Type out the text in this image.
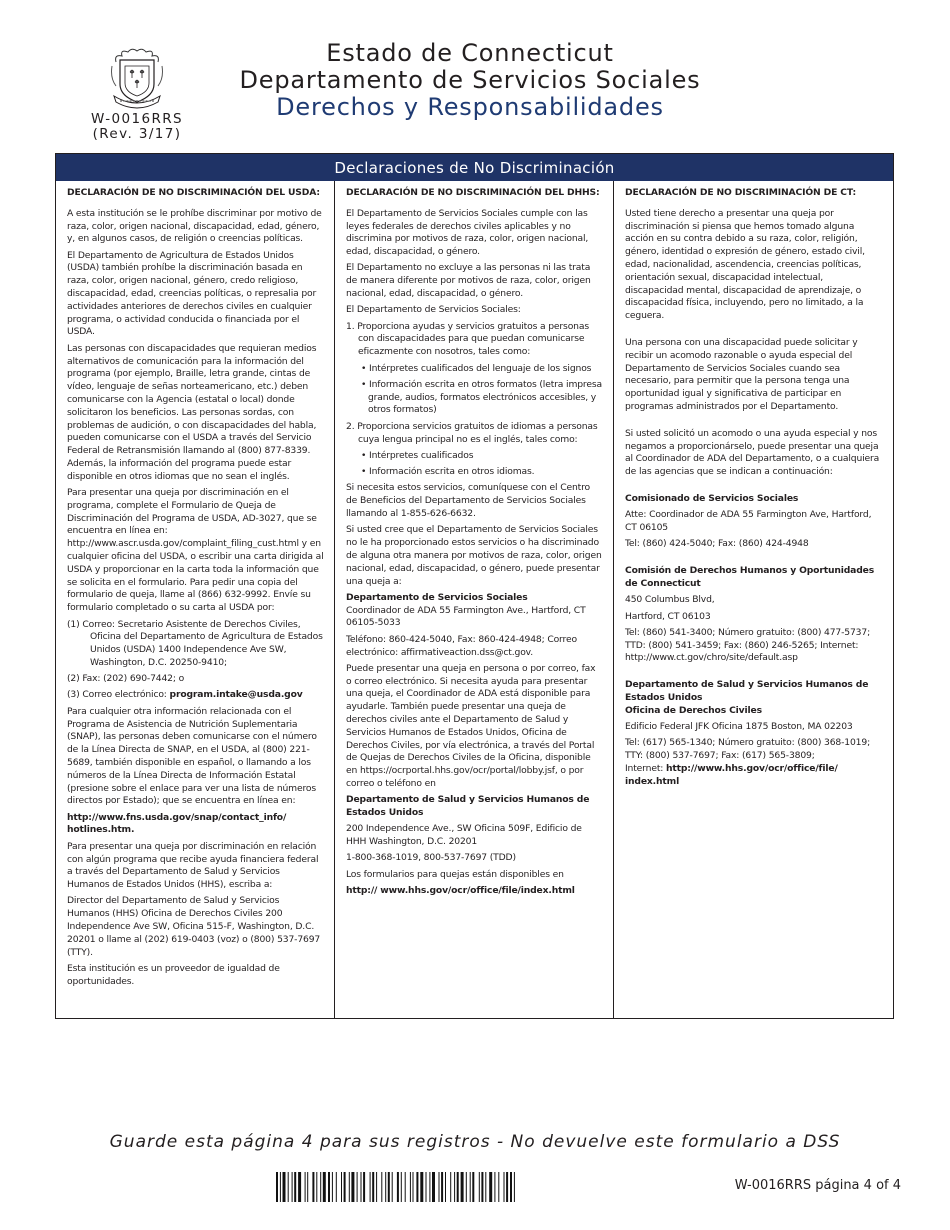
W-0016RRS
(Rev. 3/17)
Estado de Connecticut
Departamento de Servicios Sociales
Derechos y Responsabilidades
Declaraciones de No Discriminación

DECLARACIÓN DE NO DISCRIMINACIÓN DEL USDA:

A esta institución se le prohíbe discriminar por motivo de raza, color, origen nacional, discapacidad, edad, género, y, en algunos casos, de religión o creencias políticas.

El Departamento de Agricultura de Estados Unidos (USDA) también prohíbe la discriminación basada en raza, color, origen nacional, género, credo religioso, discapacidad, edad, creencias políticas, o represalia por actividades anteriores de derechos civiles en cualquier programa, o actividad conducida o financiada por el USDA.

Las personas con discapacidades que requieran medios alternativos de comunicación para la información del programa (por ejemplo, Braille, letra grande, cintas de vídeo, lenguaje de señas norteamericano, etc.) deben comunicarse con la Agencia (estatal o local) donde solicitaron los beneficios. Las personas sordas, con problemas de audición, o con discapacidades del habla, pueden comunicarse con el USDA a través del Servicio Federal de Retransmisión llamando al (800) 877-8339. Además, la información del programa puede estar disponible en otros idiomas que no sean el inglés.

Para presentar una queja por discriminación en el programa, complete el Formulario de Queja de Discriminación del Programa de USDA, AD-3027, que se encuentra en línea en: http://www.ascr.usda.gov/complaint_filing_cust.html y en cualquier oficina del USDA, o escribir una carta dirigida al USDA y proporcionar en la carta toda la información que se solicita en el formulario. Para pedir una copia del formulario de queja, llame al (866) 632-9992. Envíe su formulario completado o su carta al USDA por:

(1) Correo: Secretario Asistente de Derechos Civiles, Oficina del Departamento de Agricultura de Estados Unidos (USDA) 1400 Independence Ave SW, Washington, D.C. 20250-9410;

(2) Fax: (202) 690-7442; o

(3) Correo electrónico: program.intake@usda.gov

Para cualquier otra información relacionada con el Programa de Asistencia de Nutrición Suplementaria (SNAP), las personas deben comunicarse con el número de la Línea Directa de SNAP, en el USDA, al (800) 221-5689, también disponible en español, o llamando a los números de la Línea Directa de Información Estatal (presione sobre el enlace para ver una lista de números directos por Estado); que se encuentra en línea en:

http://www.fns.usda.gov/snap/contact_info/ hotlines.htm.

Para presentar una queja por discriminación en relación con algún programa que recibe ayuda financiera federal a través del Departamento de Salud y Servicios Humanos de Estados Unidos (HHS), escriba a:

Director del Departamento de Salud y Servicios Humanos (HHS) Oficina de Derechos Civiles 200 Independence Ave SW, Oficina 515-F, Washington, D.C. 20201 o llame al (202) 619-0403 (voz) o (800) 537-7697 (TTY).

Esta institución es un proveedor de igualdad de oportunidades.

DECLARACIÓN DE NO DISCRIMINACIÓN DEL DHHS:

El Departamento de Servicios Sociales cumple con las leyes federales de derechos civiles aplicables y no discrimina por motivos de raza, color, origen nacional, edad, discapacidad, o género.

El Departamento no excluye a las personas ni las trata de manera diferente por motivos de raza, color, origen nacional, edad, discapacidad, o género.

El Departamento de Servicios Sociales:

1. Proporciona ayudas y servicios gratuitos a personas con discapacidades para que puedan comunicarse eficazmente con nosotros, tales como:

• Intérpretes cualificados del lenguaje de los signos

• Información escrita en otros formatos (letra impresa grande, audios, formatos electrónicos accesibles, y otros formatos)

2. Proporciona servicios gratuitos de idiomas a personas cuya lengua principal no es el inglés, tales como:

• Intérpretes cualificados

• Información escrita en otros idiomas.

Si necesita estos servicios, comuníquese con el Centro de Beneficios del Departamento de Servicios Sociales llamando al 1-855-626-6632.

Si usted cree que el Departamento de Servicios Sociales no le ha proporcionado estos servicios o ha discriminado de alguna otra manera por motivos de raza, color, origen nacional, edad, discapacidad, o género, puede presentar una queja a:

Departamento de Servicios Sociales

Coordinador de ADA 55 Farmington Ave., Hartford, CT 06105-5033

Teléfono: 860-424-5040, Fax: 860-424-4948; Correo electrónico: affirmativeaction.dss@ct.gov.

Puede presentar una queja en persona o por correo, fax o correo electrónico. Si necesita ayuda para presentar una queja, el Coordinador de ADA está disponible para ayudarle. También puede presentar una queja de derechos civiles ante el Departamento de Salud y Servicios Humanos de Estados Unidos, Oficina de Derechos Civiles, por vía electrónica, a través del Portal de Quejas de Derechos Civiles de la Oficina, disponible en https://ocrportal.hhs.gov/ocr/portal/lobby.jsf, o por correo o teléfono en

Departamento de Salud y Servicios Humanos de Estados Unidos

200 Independence Ave., SW Oficina 509F, Edificio de HHH Washington, D.C. 20201

1-800-368-1019, 800-537-7697 (TDD)

Los formularios para quejas están disponibles en

http:// www.hhs.gov/ocr/office/file/index.html

DECLARACIÓN DE NO DISCRIMINACIÓN DE CT:

Usted tiene derecho a presentar una queja por discriminación si piensa que hemos tomado alguna acción en su contra debido a su raza, color, religión, género, identidad o expresión de género, estado civil, edad, nacionalidad, ascendencia, creencias políticas, orientación sexual, discapacidad intelectual, discapacidad mental, discapacidad de aprendizaje, o discapacidad física, incluyendo, pero no limitado, a la ceguera.

Una persona con una discapacidad puede solicitar y recibir un acomodo razonable o ayuda especial del Departamento de Servicios Sociales cuando sea necesario, para permitir que la persona tenga una oportunidad igual y significativa de participar en programas administrados por el Departamento.

Si usted solicitó un acomodo o una ayuda especial y nos negamos a proporcionárselo, puede presentar una queja al Coordinador de ADA del Departamento, o a cualquiera de las agencias que se indican a continuación:

Comisionado de Servicios Sociales

Atte: Coordinador de ADA 55 Farmington Ave, Hartford, CT 06105

Tel: (860) 424-5040; Fax: (860) 424-4948

Comisión de Derechos Humanos y Oportunidades de Connecticut

450 Columbus Blvd,

Hartford, CT 06103

Tel: (860) 541-3400; Número gratuito: (800) 477-5737; TTD: (800) 541-3459; Fax: (860) 246-5265; Internet: http://www.ct.gov/chro/site/default.asp

Departamento de Salud y Servicios Humanos de Estados Unidos

Oficina de Derechos Civiles

Edificio Federal JFK Oficina 1875 Boston, MA 02203

Tel: (617) 565-1340; Número gratuito: (800) 368-1019; TTY: (800) 537-7697; Fax: (617) 565-3809;
Internet: http://www.hhs.gov/ocr/office/file/ index.html

Guarde esta página 4 para sus registros - No devuelve este formulario a DSS
W-0016RRS página 4 of 4
